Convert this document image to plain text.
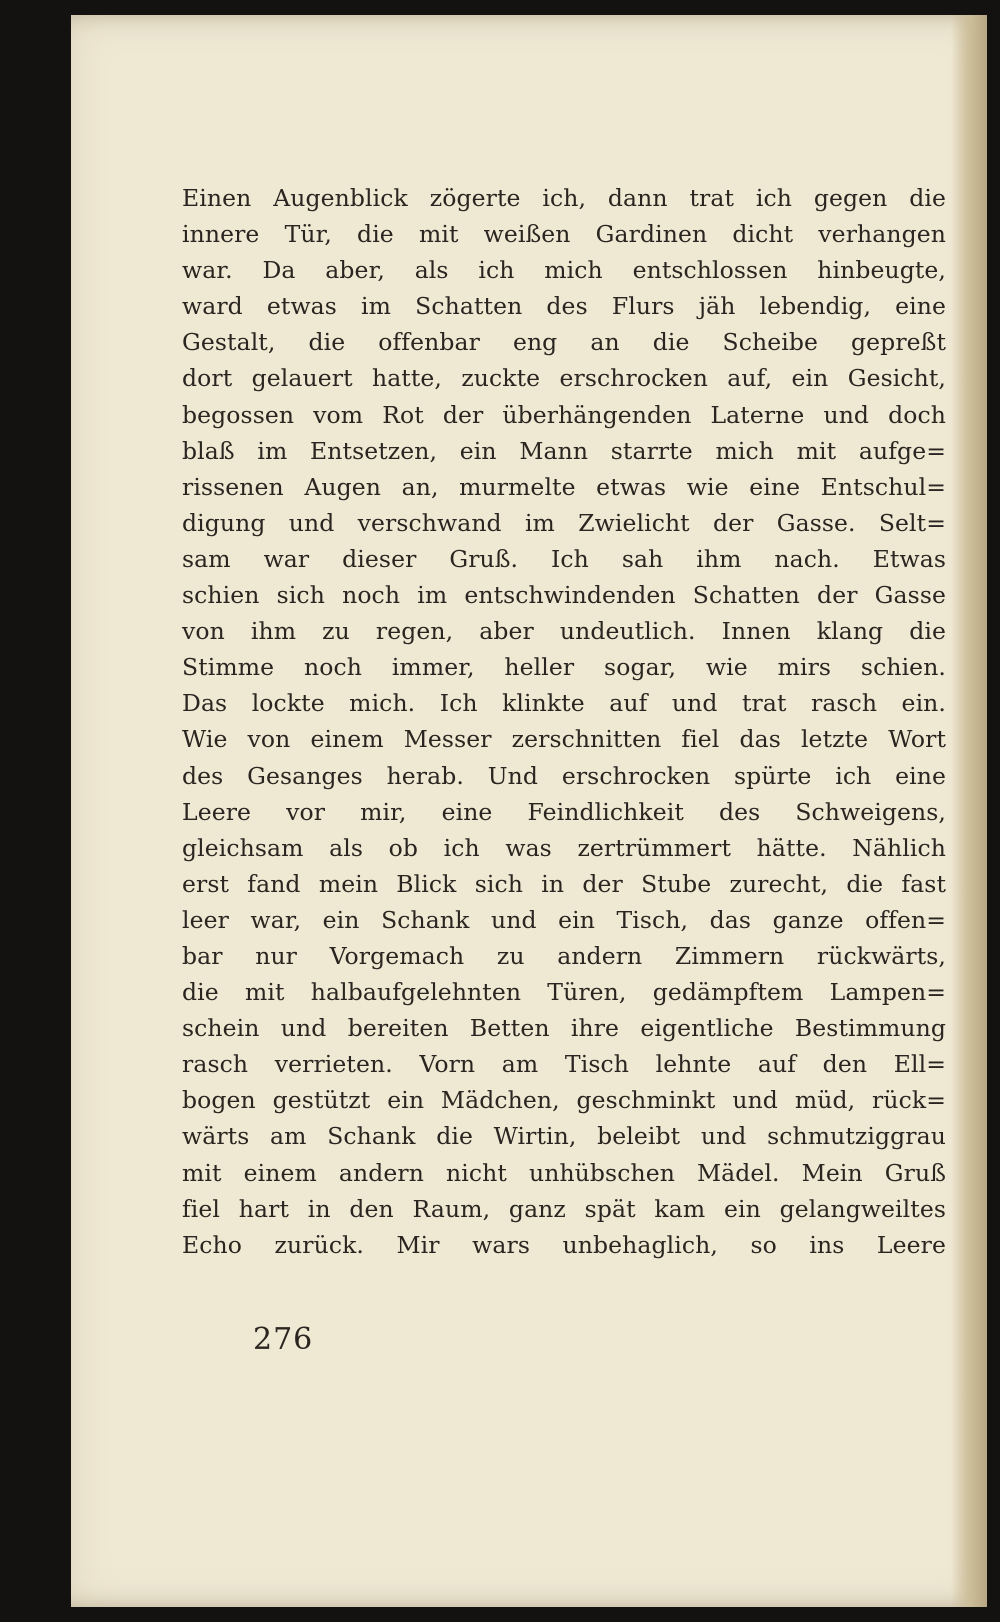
Einen Augenblick zögerte ich, dann trat ich gegen die
innere Tür, die mit weißen Gardinen dicht verhangen
war. Da aber, als ich mich entschlossen hinbeugte,
ward etwas im Schatten des Flurs jäh lebendig, eine
Gestalt, die offenbar eng an die Scheibe gepreßt
dort gelauert hatte, zuckte erschrocken auf, ein Gesicht,
begossen vom Rot der überhängenden Laterne und doch
blaß im Entsetzen, ein Mann starrte mich mit aufge=
rissenen Augen an, murmelte etwas wie eine Entschul=
digung und verschwand im Zwielicht der Gasse. Selt=
sam war dieser Gruß. Ich sah ihm nach. Etwas
schien sich noch im entschwindenden Schatten der Gasse
von ihm zu regen, aber undeutlich. Innen klang die
Stimme noch immer, heller sogar, wie mirs schien.
Das lockte mich. Ich klinkte auf und trat rasch ein.
Wie von einem Messer zerschnitten fiel das letzte Wort
des Gesanges herab. Und erschrocken spürte ich eine
Leere vor mir, eine Feindlichkeit des Schweigens,
gleichsam als ob ich was zertrümmert hätte. Nählich
erst fand mein Blick sich in der Stube zurecht, die fast
leer war, ein Schank und ein Tisch, das ganze offen=
bar nur Vorgemach zu andern Zimmern rückwärts,
die mit halbaufgelehnten Türen, gedämpftem Lampen=
schein und bereiten Betten ihre eigentliche Bestimmung
rasch verrieten. Vorn am Tisch lehnte auf den Ell=
bogen gestützt ein Mädchen, geschminkt und müd, rück=
wärts am Schank die Wirtin, beleibt und schmutziggrau
mit einem andern nicht unhübschen Mädel. Mein Gruß
fiel hart in den Raum, ganz spät kam ein gelangweiltes
Echo zurück. Mir wars unbehaglich, so ins Leere
276
